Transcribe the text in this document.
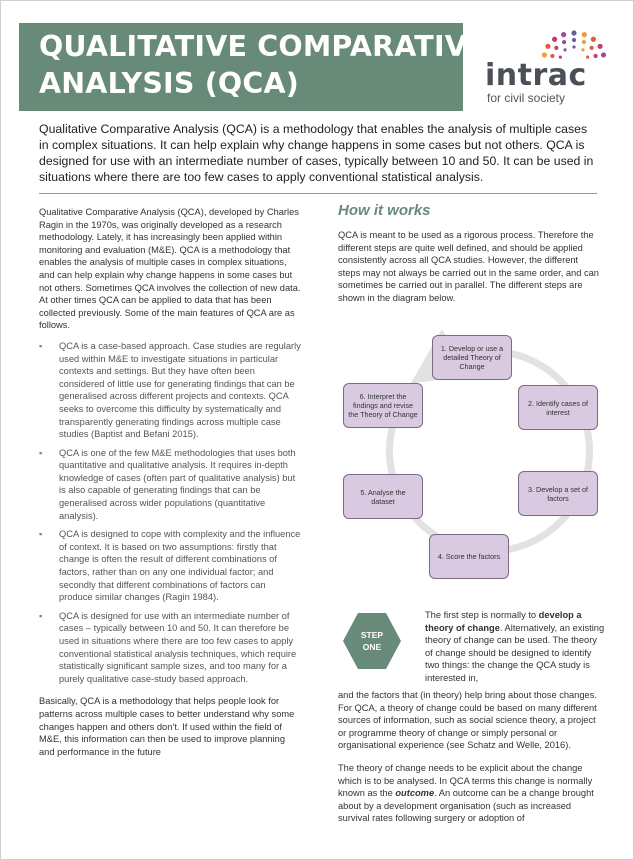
QUALITATIVE COMPARATIVE
ANALYSIS (QCA)	intrac
for civil society

Qualitative Comparative Analysis (QCA) is a methodology that enables the analysis of multiple cases in complex situations. It can help explain why change happens in some cases but not others. QCA is designed for use with an intermediate number of cases, typically between 10 and 50. It can be used in situations where there are too few cases to apply conventional statistical analysis.

Qualitative Comparative Analysis (QCA), developed by Charles Ragin in the 1970s, was originally developed as a research methodology. Lately, it has increasingly been applied within monitoring and evaluation (M&E). QCA is a methodology that enables the analysis of multiple cases in complex situations, and can help explain why change happens in some cases but not others. Sometimes QCA involves the collection of new data. At other times QCA can be applied to data that has been collected previously. Some of the main features of QCA are as follows.

▪ QCA is a case-based approach. Case studies are regularly used within M&E to investigate situations in particular contexts and settings. But they have often been considered of little use for generating findings that can be generalised across different projects and contexts. QCA seeks to overcome this difficulty by systematically and transparently generating findings across multiple case studies (Baptist and Befani 2015).
▪ QCA is one of the few M&E methodologies that uses both quantitative and qualitative analysis. It requires in-depth knowledge of cases (often part of qualitative analysis) but is also capable of generating findings that can be generalised across wider populations (quantitative analysis).
▪ QCA is designed to cope with complexity and the influence of context. It is based on two assumptions: firstly that change is often the result of different combinations of factors, rather than on any one individual factor; and secondly that different combinations of factors can produce similar changes (Ragin 1984).
▪ QCA is designed for use with an intermediate number of cases – typically between 10 and 50. It can therefore be used in situations where there are too few cases to apply conventional statistical analysis techniques, which require statistically significant sample sizes, and too many for a purely qualitative case-study based approach.

Basically, QCA is a methodology that helps people look for patterns across multiple cases to better understand why some changes happen and others don’t. If used within the field of M&E, this information can then be used to improve planning and performance in the future

How it works

QCA is meant to be used as a rigorous process. Therefore the different steps are quite well defined, and should be applied consistently across all QCA studies. However, the different steps may not always be carried out in the same order, and can sometimes be carried out in parallel. The different steps are shown in the diagram below.

1. Develop or use a detailed Theory of Change
2. Identify cases of interest
3. Develop a set of factors
4. Score the factors
5. Analyse the dataset
6. Interpret the findings and revise the Theory of Change
STEP
ONE

The first step is normally to develop a theory of change. Alternatively, an existing theory of change can be used. The theory of change should be designed to identify two things: the change the QCA study is interested in,

and the factors that (in theory) help bring about those changes. For QCA, a theory of change could be based on many different sources of information, such as social science theory, a project or programme theory of change or simply personal or organisational experience (see Schatz and Welle, 2016).

The theory of change needs to be explicit about the change which is to be analysed. In QCA terms this change is normally known as the outcome. An outcome can be a change brought about by a development organisation (such as increased survival rates following surgery or adoption of
